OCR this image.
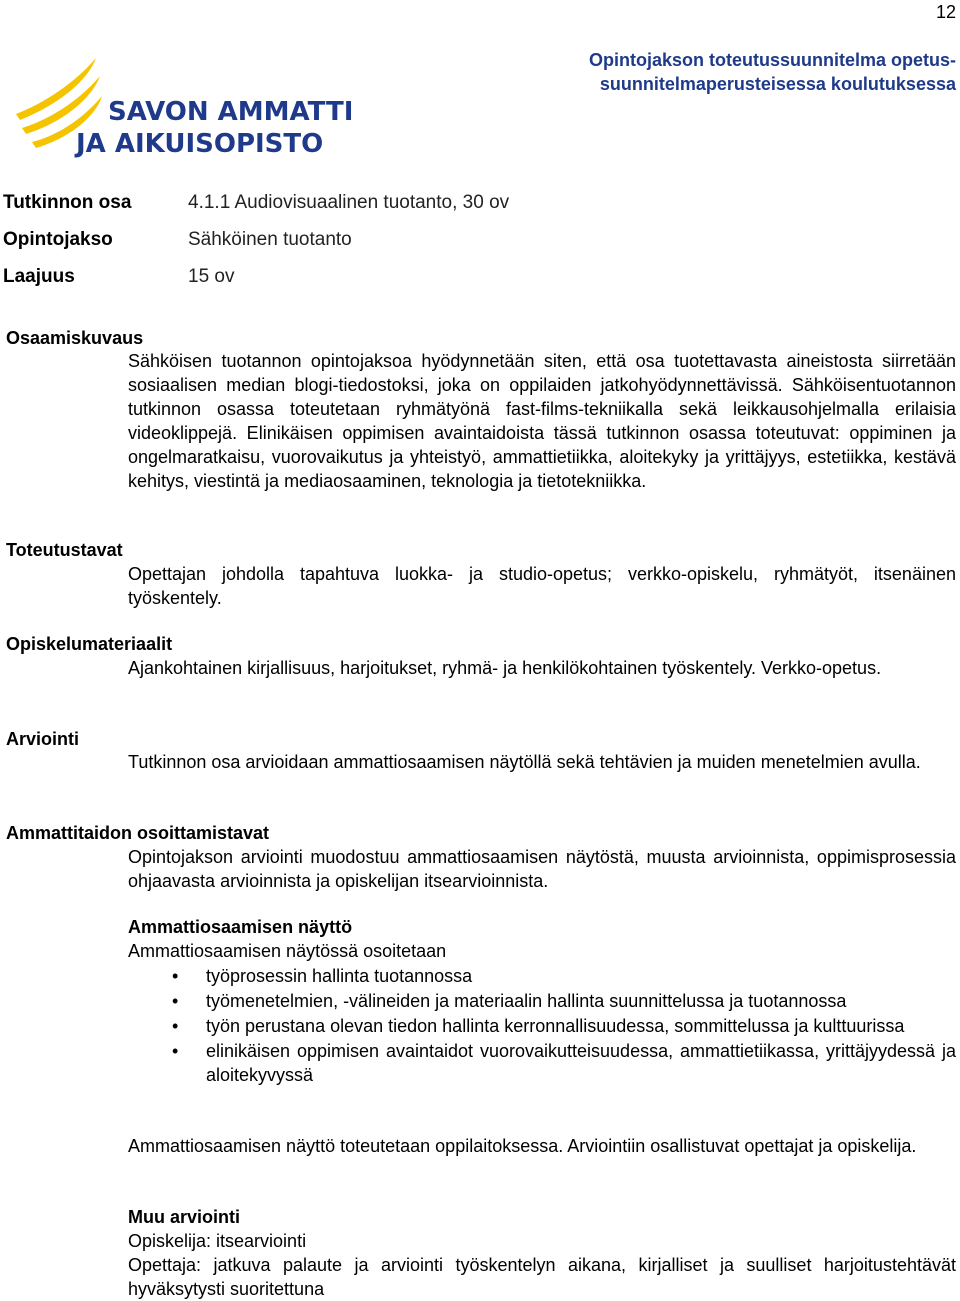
12
Opintojakson toteutussuunnitelma opetus-suunnitelmaperusteisessa koulutuksessa
SAVON AMMATTI-
JA AIKUISOPISTO
Tutkinnon osa	4.1.1 Audiovisuaalinen tuotanto, 30 ov
Opintojakso	Sähköinen tuotanto
Laajuus	15 ov
Osaamiskuvaus
Sähköisen tuotannon opintojaksoa hyödynnetään siten, että osa tuotettavasta aineistosta siirretään sosiaalisen median blogi-tiedostoksi, joka on oppilaiden jatkohyödynnettävissä. Sähköisentuotannon tutkinnon osassa toteutetaan ryhmätyönä fast-films-tekniikalla sekä leikkausohjelmalla erilaisia videoklippejä. Elinikäisen oppimisen avaintaidoista tässä tutkinnon osassa toteutuvat: oppiminen ja ongelmaratkaisu, vuorovaikutus ja yhteistyö, ammattietiikka, aloitekyky ja yrittäjyys, estetiikka, kestävä kehitys, viestintä ja mediaosaaminen, teknologia ja tietotekniikka.
Toteutustavat
Opettajan johdolla tapahtuva luokka- ja studio-opetus; verkko-opiskelu, ryhmätyöt, itsenäinen työskentely.
Opiskelumateriaalit
Ajankohtainen kirjallisuus, harjoitukset, ryhmä- ja henkilökohtainen työskentely. Verkko-opetus.
Arviointi
Tutkinnon osa arvioidaan ammattiosaamisen näytöllä sekä tehtävien ja muiden menetelmien avulla.
Ammattitaidon osoittamistavat
Opintojakson arviointi muodostuu ammattiosaamisen näytöstä, muusta arvioinnista, oppimisprosessia ohjaavasta arvioinnista ja opiskelijan itsearvioinnista.
Ammattiosaamisen näyttö
Ammattiosaamisen näytössä osoitetaan
• työprosessin hallinta tuotannossa
• työmenetelmien, -välineiden ja materiaalin hallinta suunnittelussa ja tuotannossa
• työn perustana olevan tiedon hallinta kerronnallisuudessa, sommittelussa ja kulttuurissa
• elinikäisen oppimisen avaintaidot vuorovaikutteisuudessa, ammattietiikassa, yrittäjyydessä ja aloitekyvyssä
Ammattiosaamisen näyttö toteutetaan oppilaitoksessa. Arviointiin osallistuvat opettajat ja opiskelija.
Muu arviointi
Opiskelija: itsearviointi
Opettaja: jatkuva palaute ja arviointi työskentelyn aikana, kirjalliset ja suulliset harjoitustehtävät hyväksytysti suoritettuna
